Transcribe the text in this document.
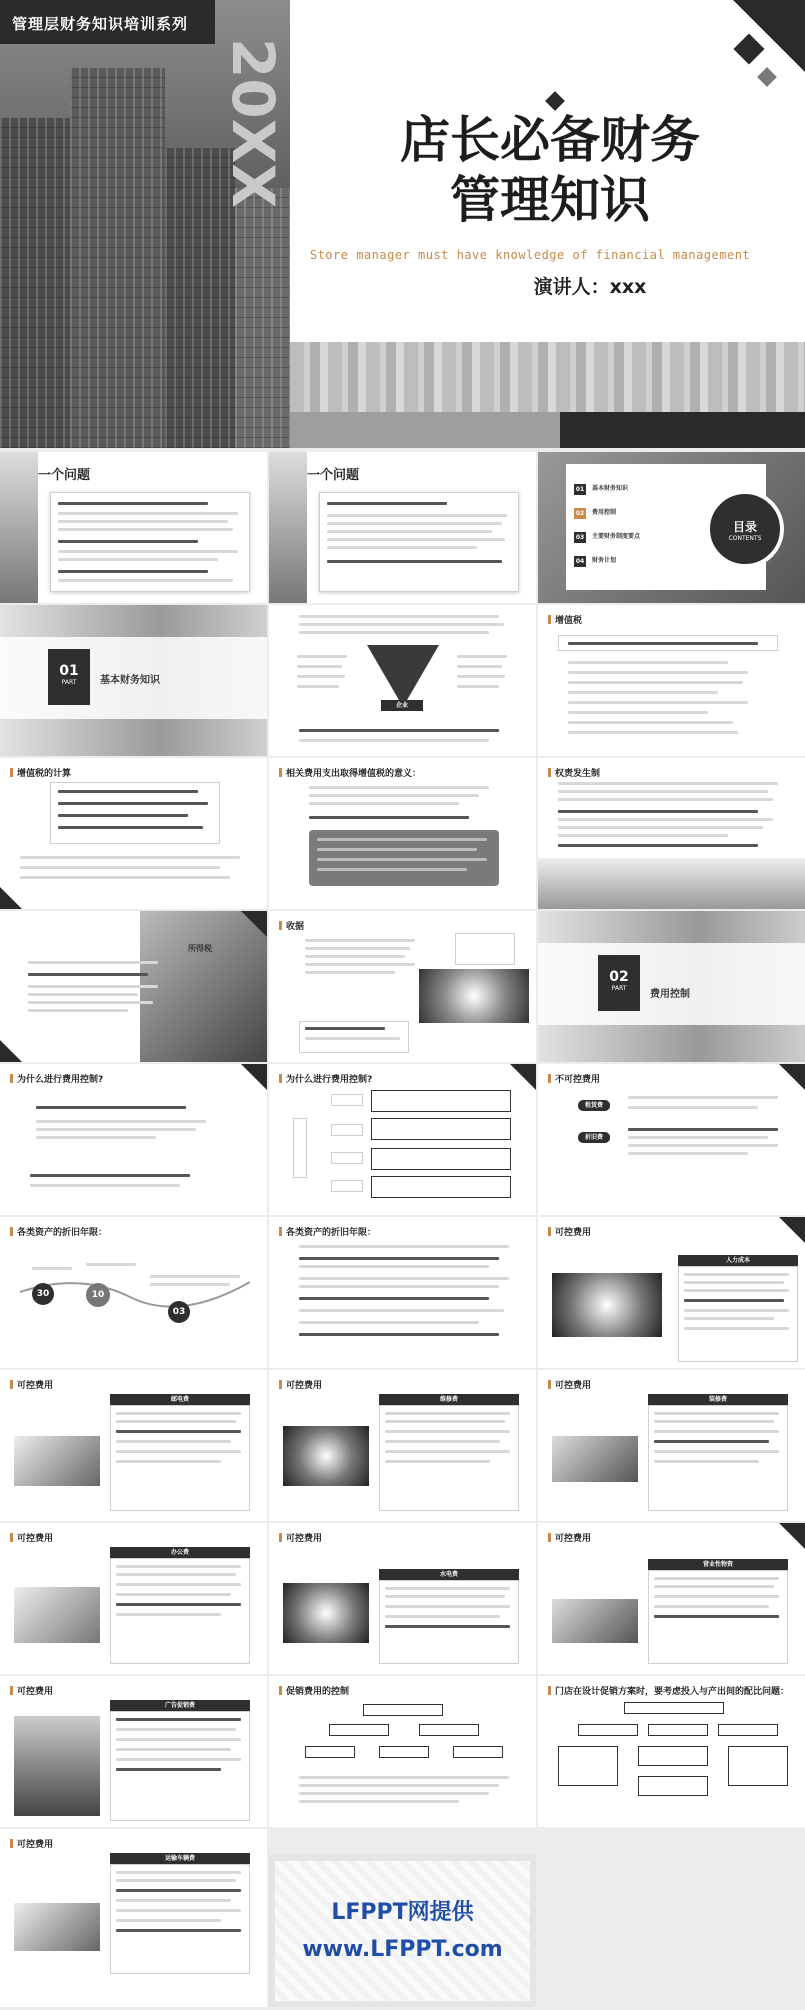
管理层财务知识培训系列
20XX	店长必备财务
管理知识
Store manager must have knowledge of financial management
演讲人：xxx
一个问题	一个问题
目录
CONTENTS
01	基本财务知识
02	费用控制
03	主要财务制度要点
04	财务计划
01
PART	基本财务知识
企业
增值税
增值税的计算	相关费用支出取得增值税的意义：	权责发生制
所得税
收据
02
PART
费用控制
为什么进行费用控制?	为什么进行费用控制?	不可控费用
租赁费
折旧费
各类资产的折旧年限：
30	10
03
各类资产的折旧年限：	可控费用
人力成本
可控费用
邮电费
可控费用
维修费
可控费用
装修费
可控费用
办公费
可控费用
水电费
可控费用
营业性物资
可控费用
广告促销费
促销费用的控制	门店在设计促销方案时，要考虑投入与产出间的配比问题：
可控费用
运输车辆费
LFPPT网提供
www.LFPPT.com
